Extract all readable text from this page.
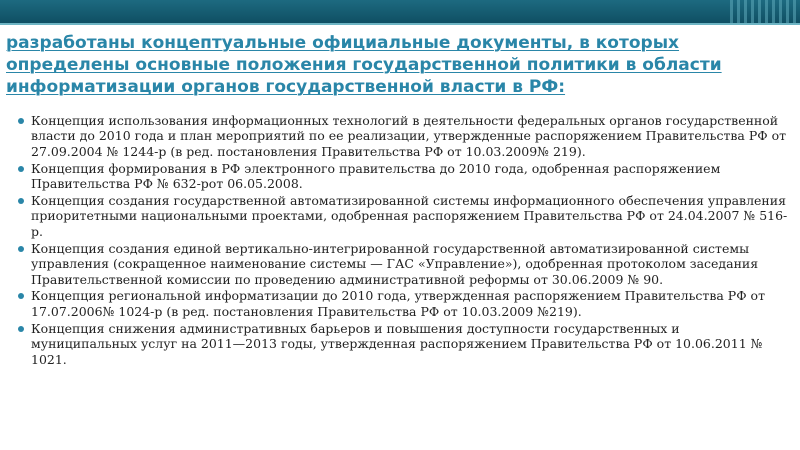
разработаны концептуальные официальные документы, в которых определены основные положения государственной политики в области информатизации органов государственной власти в РФ:
Концепция использования информационных технологий в деятельности федеральных органов государственной власти до 2010 года и план мероприятий по ее реализации, утвержденные распоряжением Правительства РФ от 27.09.2004 № 1244-р (в ред. постановления Правительства РФ от 10.03.2009№ 219).
Концепция формирования в РФ электронного правительства до 2010 года, одобренная распоряжением Правительства РФ № 632-рот 06.05.2008.
Концепция создания государственной автоматизированной системы информационного обеспечения управления приоритетными национальными проектами, одобренная распоряжением Правительства РФ от 24.04.2007 № 516-р.
Концепция создания единой вертикально-интегрированной государственной автоматизированной системы управления (сокращенное наименование системы — ГАС «Управление»), одобренная протоколом заседания Правительственной комиссии по проведению административной реформы от 30.06.2009 № 90.
Концепция региональной информатизации до 2010 года, утвержденная распоряжением Правительства РФ от 17.07.2006№ 1024-р (в ред. постановления Правительства РФ от 10.03.2009 №219).
Концепция снижения административных барьеров и повышения доступности государственных и муниципальных услуг на 2011—2013 годы, утвержденная распоряжением Правительства РФ от 10.06.2011 № 1021.
